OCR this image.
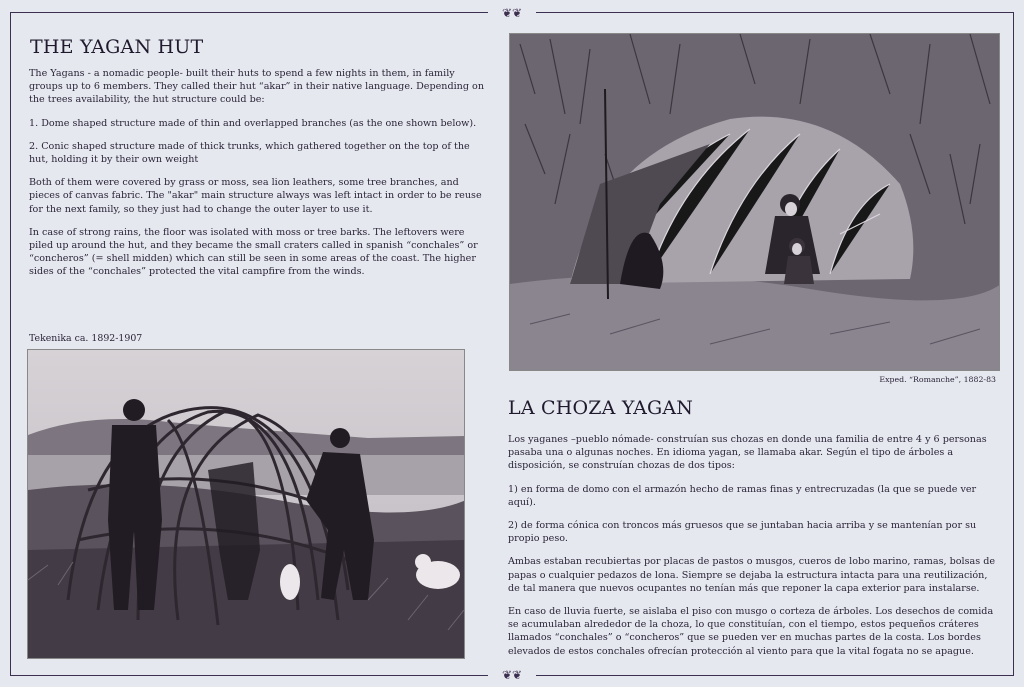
❦❦
❦❦
THE YAGAN HUT

The Yagans - a nomadic people- built their huts to spend a few nights in them, in family groups up to 6 members. They called their hut “akar” in their native language. Depending on the trees availability, the hut structure could be:

1. Dome shaped structure made of thin and overlapped branches (as the one shown below).

2. Conic shaped structure made of thick trunks, which gathered together on the top of the hut, holding it by their own weight

Both of them were covered by grass or moss, sea lion leathers, some tree branches, and pieces of canvas fabric. The "akar" main structure always was left intact in order to be reuse for the next family, so they just had to change the outer layer to use it.

In case of strong rains, the floor was isolated with moss or tree barks. The leftovers were piled up around the hut, and they became the small craters called in spanish “conchales” or “concheros” (= shell midden) which can still be seen in some areas of the coast. The higher sides of the “conchales” protected the vital campfire from the winds.

Tekenika ca. 1892-1907
Exped. “Romanche”, 1882-83
LA CHOZA YAGAN

Los yaganes –pueblo nómade- construían sus chozas en donde una familia de entre 4 y 6 personas pasaba una o algunas noches. En idioma yagan, se llamaba akar. Según el tipo de árboles a disposición, se construían chozas de dos tipos:

1) en forma de domo con el armazón hecho de ramas finas y entrecruzadas (la que se puede ver aquí).

2) de forma cónica con troncos más gruesos que se juntaban hacia arriba y se mantenían por su propio peso.

Ambas estaban recubiertas por placas de pastos o musgos, cueros de lobo marino, ramas, bolsas de papas o cualquier pedazos de lona. Siempre se dejaba la estructura intacta para una reutilización, de tal manera que nuevos ocupantes no tenían más que reponer la capa exterior para instalarse.

En caso de lluvia fuerte, se aislaba el piso con musgo o corteza de árboles. Los desechos de comida se acumulaban alrededor de la choza, lo que constituían, con el tiempo, estos pequeños cráteres llamados “conchales” o “concheros” que se pueden ver en muchas partes de la costa. Los bordes elevados de estos conchales ofrecían protección al viento para que la vital fogata no se apague.
